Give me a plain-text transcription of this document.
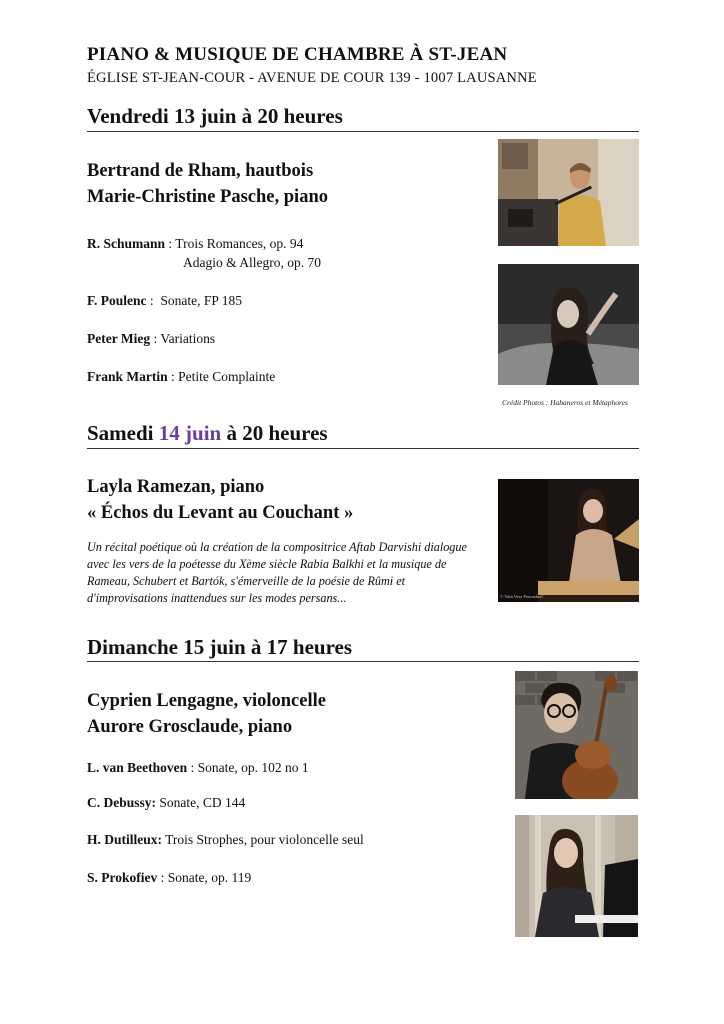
PIANO & MUSIQUE DE CHAMBRE À ST-JEAN
ÉGLISE ST-JEAN-COUR - AVENUE DE COUR 139 - 1007 LAUSANNE
Vendredi 13 juin à 20 heures
Bertrand de Rham, hautbois
Marie-Christine Pasche, piano
R. Schumann : Trois Romances, op. 94
Adagio & Allegro, op. 70
F. Poulenc :  Sonate, FP 185
Peter Mieg : Variations
Frank Martin : Petite Complainte
Crédit Photos : Habaneros et Métaphores
Samedi 14 juin à 20 heures
Layla Ramezan, piano
« Échos du Levant au Couchant »
Un récital poétique où la création de la compositrice Aftab Darvishi dialogue
avec les vers de la poétesse du Xème siècle Rabia Balkhi et la musique de
Rameau, Schubert et Bartók, s'émerveille de la poésie de Rûmi et
d'improvisations inattendues sur les modes persans...	© Vafa Vesa Pourashraf
Dimanche 15 juin à 17 heures
Cyprien Lengagne, violoncelle
Aurore Grosclaude, piano
L. van Beethoven : Sonate, op. 102 no 1
C. Debussy: Sonate, CD 144
H. Dutilleux: Trois Strophes, pour violoncelle seul
S. Prokofiev : Sonate, op. 119
